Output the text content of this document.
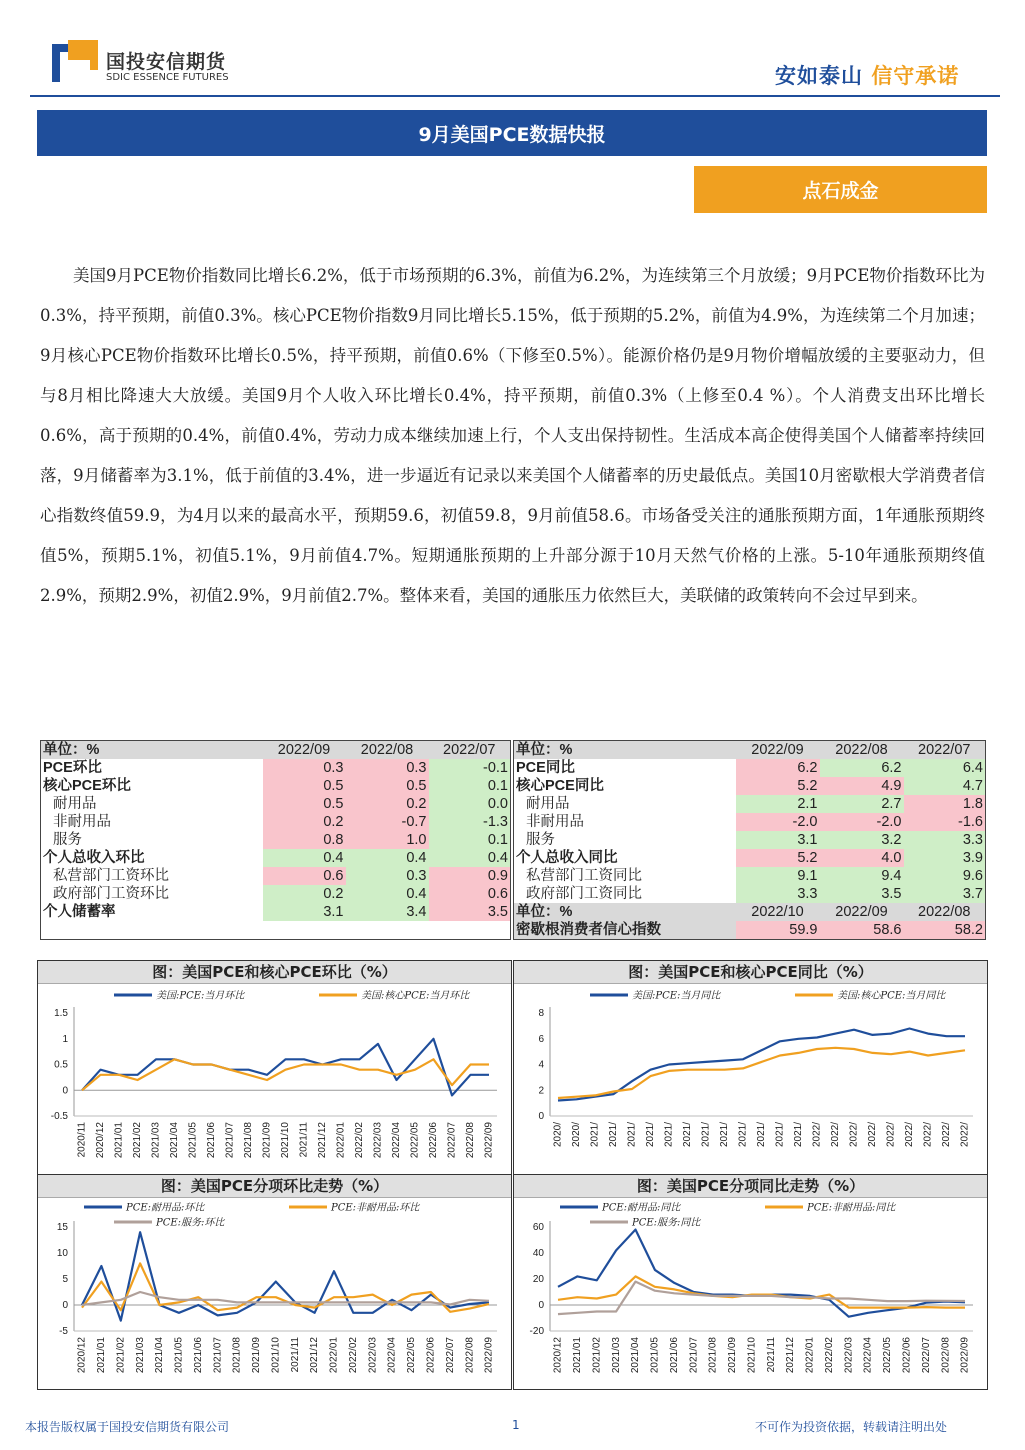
国投安信期货
SDIC ESSENCE FUTURES	安如泰山 信守承诺
9月美国PCE数据快报
点石成金

美国9月PCE物价指数同比增长6.2%，低于市场预期的6.3%，前值为6.2%，为连续第三个月放缓；9月PCE物价指数环比为0.3%，持平预期，前值0.3%。核心PCE物价指数9月同比增长5.15%，低于预期的5.2%，前值为4.9%，为连续第二个月加速；9月核心PCE物价指数环比增长0.5%，持平预期，前值0.6%（下修至0.5%）。能源价格仍是9月物价增幅放缓的主要驱动力，但与8月相比降速大大放缓。美国9月个人收入环比增长0.4%，持平预期，前值0.3%（上修至0.4 %）。个人消费支出环比增长0.6%，高于预期的0.4%，前值0.4%，劳动力成本继续加速上行，个人支出保持韧性。生活成本高企使得美国个人储蓄率持续回落，9月储蓄率为3.1%，低于前值的3.4%，进一步逼近有记录以来美国个人储蓄率的历史最低点。美国10月密歇根大学消费者信心指数终值59.9，为4月以来的最高水平，预期59.6，初值59.8，9月前值58.6。市场备受关注的通胀预期方面，1年通胀预期终值5%，预期5.1%，初值5.1%，9月前值4.7%。短期通胀预期的上升部分源于10月天然气价格的上涨。5-10年通胀预期终值2.9%，预期2.9%，初值2.9%，9月前值2.7%。整体来看，美国的通胀压力依然巨大，美联储的政策转向不会过早到来。

单位：%	2022/09	2022/08	2022/07
PCE环比	0.3	0.3	-0.1
核心PCE环比	0.5	0.5	0.1
耐用品	0.5	0.2	0.0
非耐用品	0.2	-0.7	-1.3
服务	0.8	1.0	0.1
个人总收入环比	0.4	0.4	0.4
私营部门工资环比	0.6	0.3	0.9
政府部门工资环比	0.2	0.4	0.6
个人储蓄率	3.1	3.4	3.5

单位：%	2022/09	2022/08	2022/07
PCE同比	6.2	6.2	6.4
核心PCE同比	5.2	4.9	4.7
耐用品	2.1	2.7	1.8
非耐用品	-2.0	-2.0	-1.6
服务	3.1	3.2	3.3
个人总收入同比	5.2	4.0	3.9
私营部门工资同比	9.1	9.4	9.6
政府部门工资同比	3.3	3.5	3.7
单位：%	2022/10	2022/09	2022/08
密歇根消费者信心指数	59.9	58.6	58.2
图：美国PCE和核心PCE环比（%）
-0.5
0
0.5
1
1.5
2020/11 2020/12 2021/01 2021/02 2021/03 2021/04 2021/05 2021/06 2021/07 2021/08 2021/09 2021/10 2021/11 2021/12 2022/01 2022/02 2022/03 2022/04 2022/05 2022/06 2022/07 2022/08 2022/09
美国:PCE:当月环比	美国:核心PCE:当月环比
图：美国PCE和核心PCE同比（%）
0
2
4
6
8
2020/ 2020/ 2021/ 2021/ 2021/ 2021/ 2021/ 2021/ 2021/ 2021/ 2021/ 2021/ 2021/ 2021/ 2022/ 2022/ 2022/ 2022/ 2022/ 2022/ 2022/ 2022/ 2022/
美国:PCE:当月同比	美国:核心PCE:当月同比
图：美国PCE分项环比走势（%）
-5
0
5
10
15
2020/12 2021/01 2021/02 2021/03 2021/04 2021/05 2021/06 2021/07 2021/08 2021/09 2021/10 2021/11 2021/12 2022/01 2022/02 2022/03 2022/04 2022/05 2022/06 2022/07 2022/08 2022/09
PCE:耐用品:环比	PCE:非耐用品:环比
PCE:服务:环比
图：美国PCE分项同比走势（%）
-20
0
20
40
60
2020/12 2021/01 2021/02 2021/03 2021/04 2021/05 2021/06 2021/07 2021/08 2021/09 2021/10 2021/11 2021/12 2022/01 2022/02 2022/03 2022/04 2022/05 2022/06 2022/07 2022/08 2022/09
PCE:耐用品:同比	PCE:非耐用品:同比
PCE:服务:同比
本报告版权属于国投安信期货有限公司	1	不可作为投资依据，转载请注明出处
